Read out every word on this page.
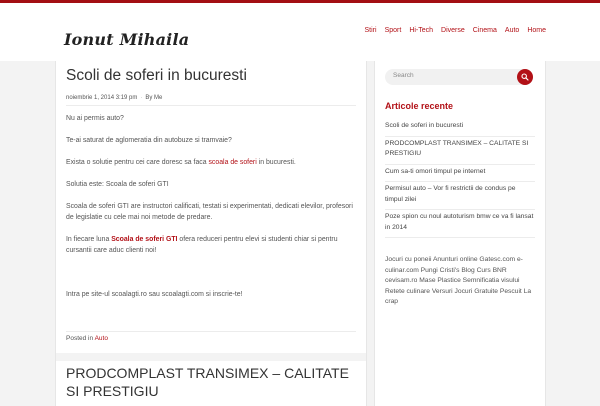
Ionut Mihaila	Stiri Sport Hi-Tech Diverse Cinema Auto Home
Scoli de soferi in bucuresti
noiembrie 1, 2014 3:19 pm · By Me
Nu ai permis auto?
Te-ai saturat de aglomeratia din autobuze si tramvaie?
Exista o solutie pentru cei care doresc sa faca scoala de soferi in bucuresti.
Solutia este: Scoala de soferi GTI
Scoala de soferi GTI are instructori calificati, testati si experimentati, dedicati elevilor, profesori de legislatie cu cele mai noi metode de predare.
In fiecare luna Scoala de soferi GTI ofera reduceri pentru elevi si studenti chiar si pentru cursantii care aduc clienti noi!
Intra pe site-ul scoalagti.ro sau scoalagti.com si inscrie-te!
Posted in Auto
PRODCOMPLAST TRANSIMEX – CALITATE SI PRESTIGIU
Search
Articole recente
Scoli de soferi in bucuresti
PRODCOMPLAST TRANSIMEX – CALITATE SI PRESTIGIU
Cum sa-ti omori timpul pe internet
Permisul auto – Vor fi restrictii de condus pe timpul zilei
Poze spion cu noul autoturism bmw ce va fi lansat in 2014
Jocuri cu poneii Anunturi online Gatesc.com e-culinar.com Pungi Cristi's Blog Curs BNR cevisam.ro Mase Plastice Semnificatia visului Retete culinare Versuri Jocuri Gratuite Pescuit La crap
